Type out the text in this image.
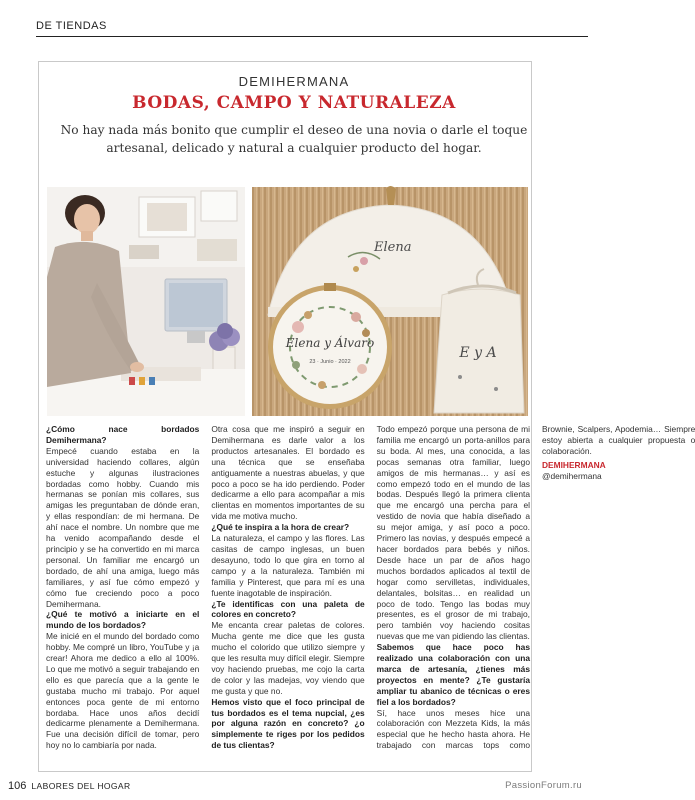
DE TIENDAS
DEMIHERMANA
BODAS, CAMPO Y NATURALEZA
No hay nada más bonito que cumplir el deseo de una novia o darle el toque artesanal, delicado y natural a cualquier producto del hogar.
Elena
Elena y Álvaro
23 · Junio · 2022
E y A

¿Cómo nace bordados Demihermana?

Empecé cuando estaba en la universidad haciendo collares, algún estuche y algunas ilustraciones bordadas como hobby. Cuando mis hermanas se ponían mis collares, sus amigas les preguntaban de dónde eran, y ellas respondían: de mi hermana. De ahí nace el nombre. Un nombre que me ha venido acompañando desde el principio y se ha convertido en mi marca personal. Un familiar me encargó un bordado, de ahí una amiga, luego más familiares, y así fue cómo empezó y cómo fue creciendo poco a poco Demihermana.

¿Qué te motivó a iniciarte en el mundo de los bordados?

Me inicié en el mundo del bordado como hobby. Me compré un libro, YouTube y ¡a crear! Ahora me dedico a ello al 100%. Lo que me motivó a seguir trabajando en ello es que parecía que a la gente le gustaba mucho mi trabajo. Por aquel entonces poca gente de mi entorno bordaba. Hace unos años decidí dedicarme plenamente a Demihermana. Fue una decisión difícil de tomar, pero hoy no lo cambiaría por nada.

Otra cosa que me inspiró a seguir en Demihermana es darle valor a los productos artesanales. El bordado es una técnica que se enseñaba antiguamente a nuestras abuelas, y que poco a poco se ha ido perdiendo. Poder dedicarme a ello para acompañar a mis clientas en momentos importantes de su vida me motiva mucho.

¿Qué te inspira a la hora de crear?

La naturaleza, el campo y las flores. Las casitas de campo inglesas, un buen desayuno, todo lo que gira en torno al campo y a la naturaleza. También mi familia y Pinterest, que para mí es una fuente inagotable de inspiración.

¿Te identificas con una paleta de colores en concreto?

Me encanta crear paletas de colores. Mucha gente me dice que les gusta mucho el colorido que utilizo siempre y que les resulta muy difícil elegir. Siempre voy haciendo pruebas, me cojo la carta de color y las madejas, voy viendo que me gusta y que no.

Hemos visto que el foco principal de tus bordados es el tema nupcial, ¿es por alguna razón en concreto? ¿o simplemente te riges por los pedidos de tus clientas?

Todo empezó porque una persona de mi familia me encargó un porta-anillos para su boda. Al mes, una conocida, a las pocas semanas otra familiar, luego amigos de mis hermanas… y así es como empezó todo en el mundo de las bodas. Después llegó la primera clienta que me encargó una percha para el vestido de novia que había diseñado a su mejor amiga, y así poco a poco. Primero las novias, y después empecé a hacer bordados para bebés y niños. Desde hace un par de años hago muchos bordados aplicados al textil de hogar como servilletas, individuales, delantales, bolsitas… en realidad un poco de todo. Tengo las bodas muy presentes, es el grosor de mi trabajo, pero también voy haciendo cositas nuevas que me van pidiendo las clientas.

Sabemos que hace poco has realizado una colaboración con una marca de artesanía, ¿tienes más proyectos en mente? ¿Te gustaría ampliar tu abanico de técnicas o eres fiel a los bordados?

Sí, hace unos meses hice una colaboración con Mezzeta Kids, la más especial que he hecho hasta ahora. He trabajado con marcas tops como Brownie, Scalpers, Apodemia… Siempre estoy abierta a cualquier propuesta o colaboración.

DEMIHERMANA

@demihermana

106 LABORES DEL HOGAR	PassionForum.ru
